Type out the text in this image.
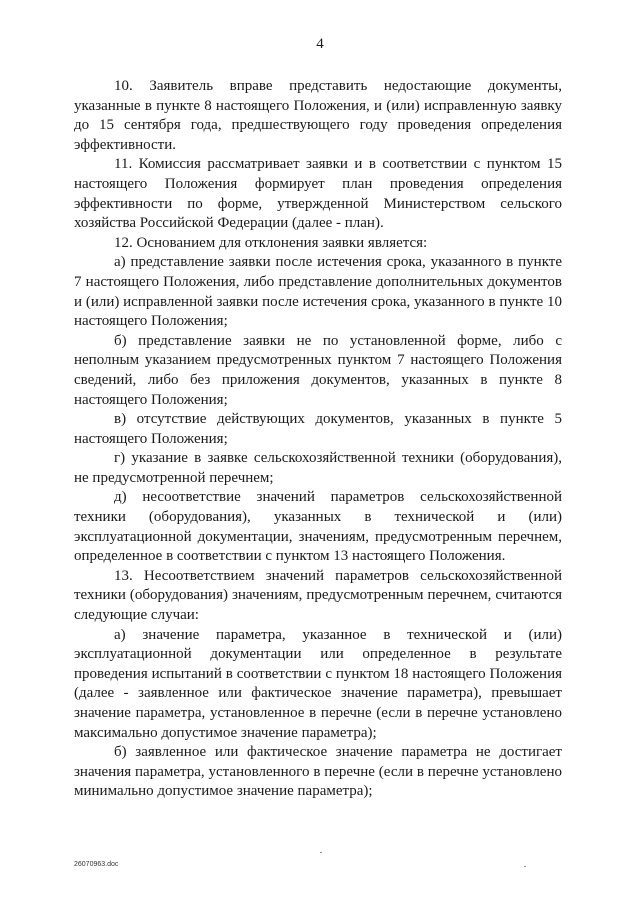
4

10. Заявитель вправе представить недостающие документы, указанные в пункте 8 настоящего Положения, и (или) исправленную заявку до 15 сентября года, предшествующего году проведения определения эффективности.

11. Комиссия рассматривает заявки и в соответствии с пунктом 15 настоящего Положения формирует план проведения определения эффективности по форме, утвержденной Министерством сельского хозяйства Российской Федерации (далее - план).

12. Основанием для отклонения заявки является:

а) представление заявки после истечения срока, указанного в пункте 7 настоящего Положения, либо представление дополнительных документов и (или) исправленной заявки после истечения срока, указанного в пункте 10 настоящего Положения;

б) представление заявки не по установленной форме, либо с неполным указанием предусмотренных пунктом 7 настоящего Положения сведений, либо без приложения документов, указанных в пункте 8 настоящего Положения;

в) отсутствие действующих документов, указанных в пункте 5 настоящего Положения;

г) указание в заявке сельскохозяйственной техники (оборудования), не предусмотренной перечнем;

д) несоответствие значений параметров сельскохозяйственной техники (оборудования), указанных в технической и (или) эксплуатационной документации, значениям, предусмотренным перечнем, определенное в соответствии с пунктом 13 настоящего Положения.

13. Несоответствием значений параметров сельскохозяйственной техники (оборудования) значениям, предусмотренным перечнем, считаются следующие случаи:

а) значение параметра, указанное в технической и (или) эксплуатационной документации или определенное в результате проведения испытаний в соответствии с пунктом 18 настоящего Положения (далее - заявленное или фактическое значение параметра), превышает значение параметра, установленное в перечне (если в перечне установлено максимально допустимое значение параметра);

б) заявленное или фактическое значение параметра не достигает значения параметра, установленного в перечне (если в перечне установлено минимально допустимое значение параметра);

26070963.doc
